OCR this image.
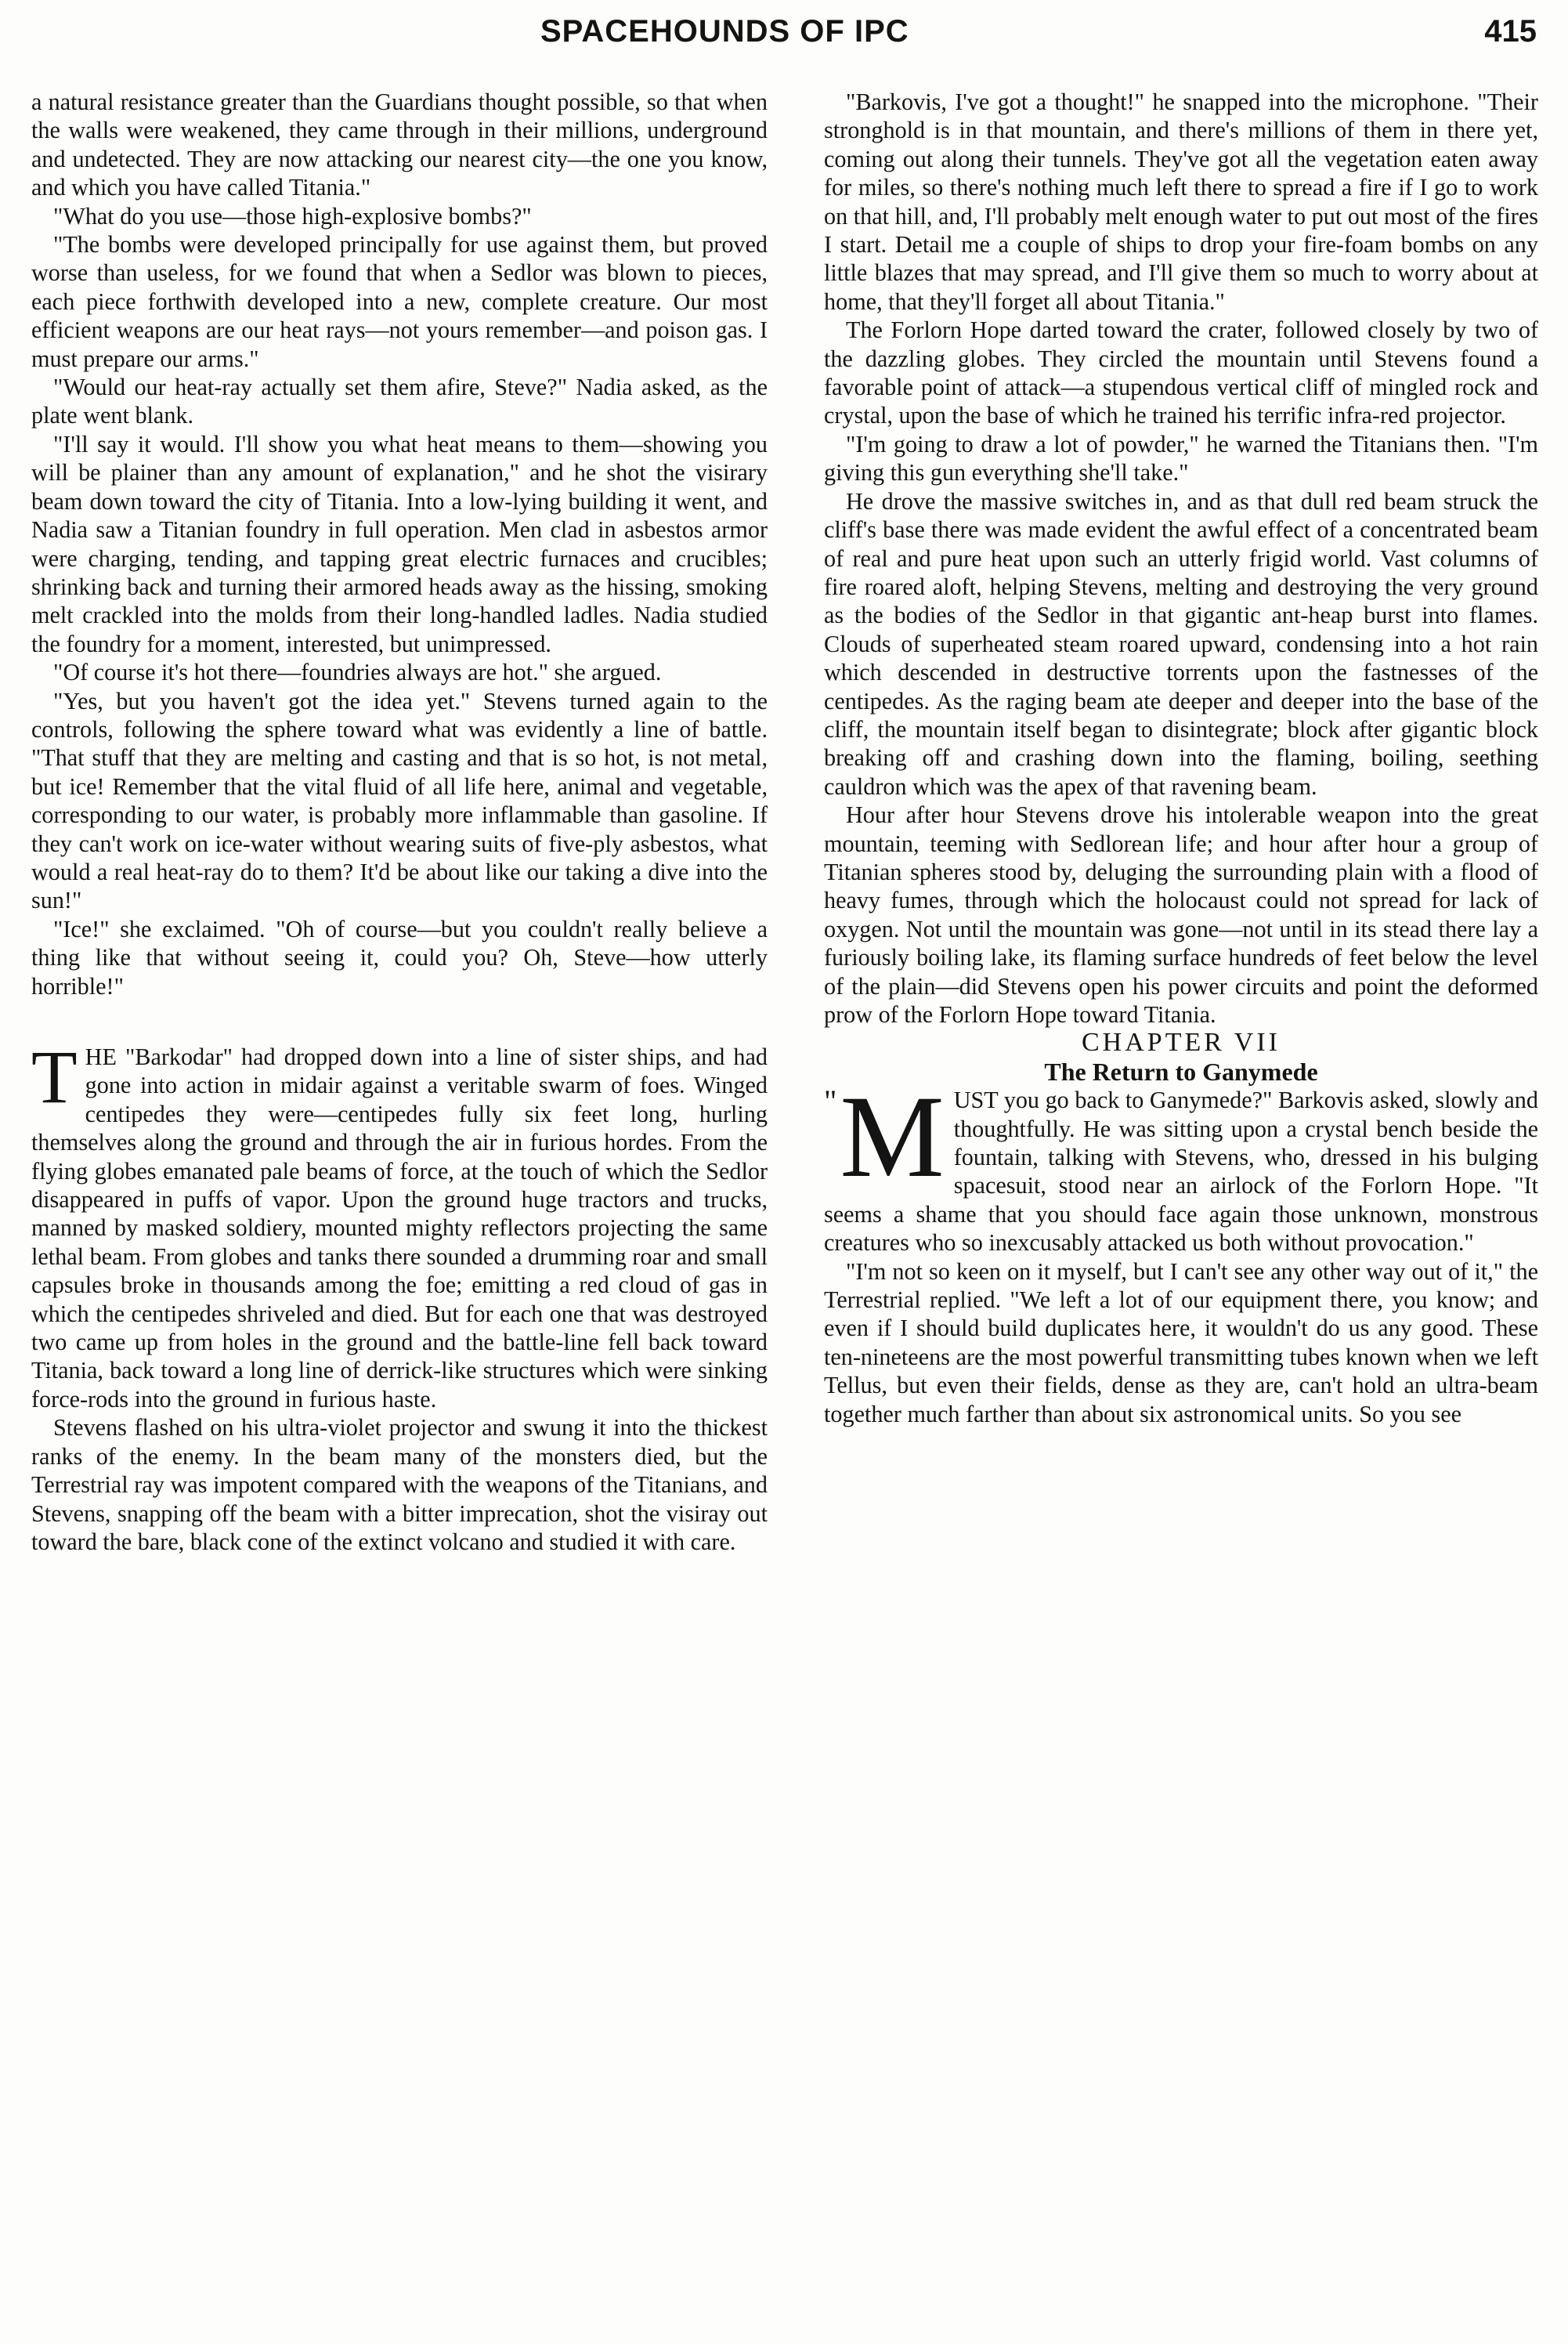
SPACEHOUNDS OF IPC	415

a natural resistance greater than the Guardians thought possible, so that when the walls were weakened, they came through in their millions, underground and undetected. They are now attacking our nearest city—the one you know, and which you have called Titania."

"What do you use—those high-explosive bombs?"

"The bombs were developed principally for use against them, but proved worse than useless, for we found that when a Sedlor was blown to pieces, each piece forthwith developed into a new, complete creature. Our most efficient weapons are our heat rays—not yours remember—and poison gas. I must prepare our arms."

"Would our heat-ray actually set them afire, Steve?" Nadia asked, as the plate went blank.

"I'll say it would. I'll show you what heat means to them—showing you will be plainer than any amount of explanation," and he shot the visirary beam down toward the city of Titania. Into a low-lying building it went, and Nadia saw a Titanian foundry in full operation. Men clad in asbestos armor were charging, tending, and tapping great electric furnaces and crucibles; shrinking back and turning their armored heads away as the hissing, smoking melt crackled into the molds from their long-handled ladles. Nadia studied the foundry for a moment, interested, but unimpressed.

"Of course it's hot there—foundries always are hot." she argued.

"Yes, but you haven't got the idea yet." Stevens turned again to the controls, following the sphere toward what was evidently a line of battle. "That stuff that they are melting and casting and that is so hot, is not metal, but ice! Remember that the vital fluid of all life here, animal and vegetable, corresponding to our water, is probably more inflammable than gasoline. If they can't work on ice-water without wearing suits of five-ply asbestos, what would a real heat-ray do to them? It'd be about like our taking a dive into the sun!"

"Ice!" she exclaimed. "Oh of course—but you couldn't really believe a thing like that without seeing it, could you? Oh, Steve—how utterly horrible!"

T HE "Barkodar" had dropped down into a line of sister ships, and had gone into action in midair against a veritable swarm of foes. Winged centipedes they were—centipedes fully six feet long, hurling themselves along the ground and through the air in furious hordes. From the flying globes emanated pale beams of force, at the touch of which the Sedlor disappeared in puffs of vapor. Upon the ground huge tractors and trucks, manned by masked soldiery, mounted mighty reflectors projecting the same lethal beam. From globes and tanks there sounded a drumming roar and small capsules broke in thousands among the foe; emitting a red cloud of gas in which the centipedes shriveled and died. But for each one that was destroyed two came up from holes in the ground and the battle-line fell back toward Titania, back toward a long line of derrick-like structures which were sinking force-rods into the ground in furious haste.

Stevens flashed on his ultra-violet projector and swung it into the thickest ranks of the enemy. In the beam many of the monsters died, but the Terrestrial ray was impotent compared with the weapons of the Titanians, and Stevens, snapping off the beam with a bitter imprecation, shot the visiray out toward the bare, black cone of the extinct volcano and studied it with care.

"Barkovis, I've got a thought!" he snapped into the microphone. "Their stronghold is in that mountain, and there's millions of them in there yet, coming out along their tunnels. They've got all the vegetation eaten away for miles, so there's nothing much left there to spread a fire if I go to work on that hill, and, I'll probably melt enough water to put out most of the fires I start. Detail me a couple of ships to drop your fire-foam bombs on any little blazes that may spread, and I'll give them so much to worry about at home, that they'll forget all about Titania."

The Forlorn Hope darted toward the crater, followed closely by two of the dazzling globes. They circled the mountain until Stevens found a favorable point of attack—a stupendous vertical cliff of mingled rock and crystal, upon the base of which he trained his terrific infra-red projector.

"I'm going to draw a lot of powder," he warned the Titanians then. "I'm giving this gun everything she'll take."

He drove the massive switches in, and as that dull red beam struck the cliff's base there was made evident the awful effect of a concentrated beam of real and pure heat upon such an utterly frigid world. Vast columns of fire roared aloft, helping Stevens, melting and destroying the very ground as the bodies of the Sedlor in that gigantic ant-heap burst into flames. Clouds of superheated steam roared upward, condensing into a hot rain which descended in destructive torrents upon the fastnesses of the centipedes. As the raging beam ate deeper and deeper into the base of the cliff, the mountain itself began to disintegrate; block after gigantic block breaking off and crashing down into the flaming, boiling, seething cauldron which was the apex of that ravening beam.

Hour after hour Stevens drove his intolerable weapon into the great mountain, teeming with Sedlorean life; and hour after hour a group of Titanian spheres stood by, deluging the surrounding plain with a flood of heavy fumes, through which the holocaust could not spread for lack of oxygen. Not until the mountain was gone—not until in its stead there lay a furiously boiling lake, its flaming surface hundreds of feet below the level of the plain—did Stevens open his power circuits and point the deformed prow of the Forlorn Hope toward Titania.

CHAPTER VII

The Return to Ganymede

" M UST you go back to Ganymede?" Barkovis asked, slowly and thoughtfully. He was sitting upon a crystal bench beside the fountain, talking with Stevens, who, dressed in his bulging spacesuit, stood near an airlock of the Forlorn Hope. "It seems a shame that you should face again those unknown, monstrous creatures who so inexcusably attacked us both without provocation."

"I'm not so keen on it myself, but I can't see any other way out of it," the Terrestrial replied. "We left a lot of our equipment there, you know; and even if I should build duplicates here, it wouldn't do us any good. These ten-nineteens are the most powerful transmitting tubes known when we left Tellus, but even their fields, dense as they are, can't hold an ultra-beam together much farther than about six astronomical units. So you see
